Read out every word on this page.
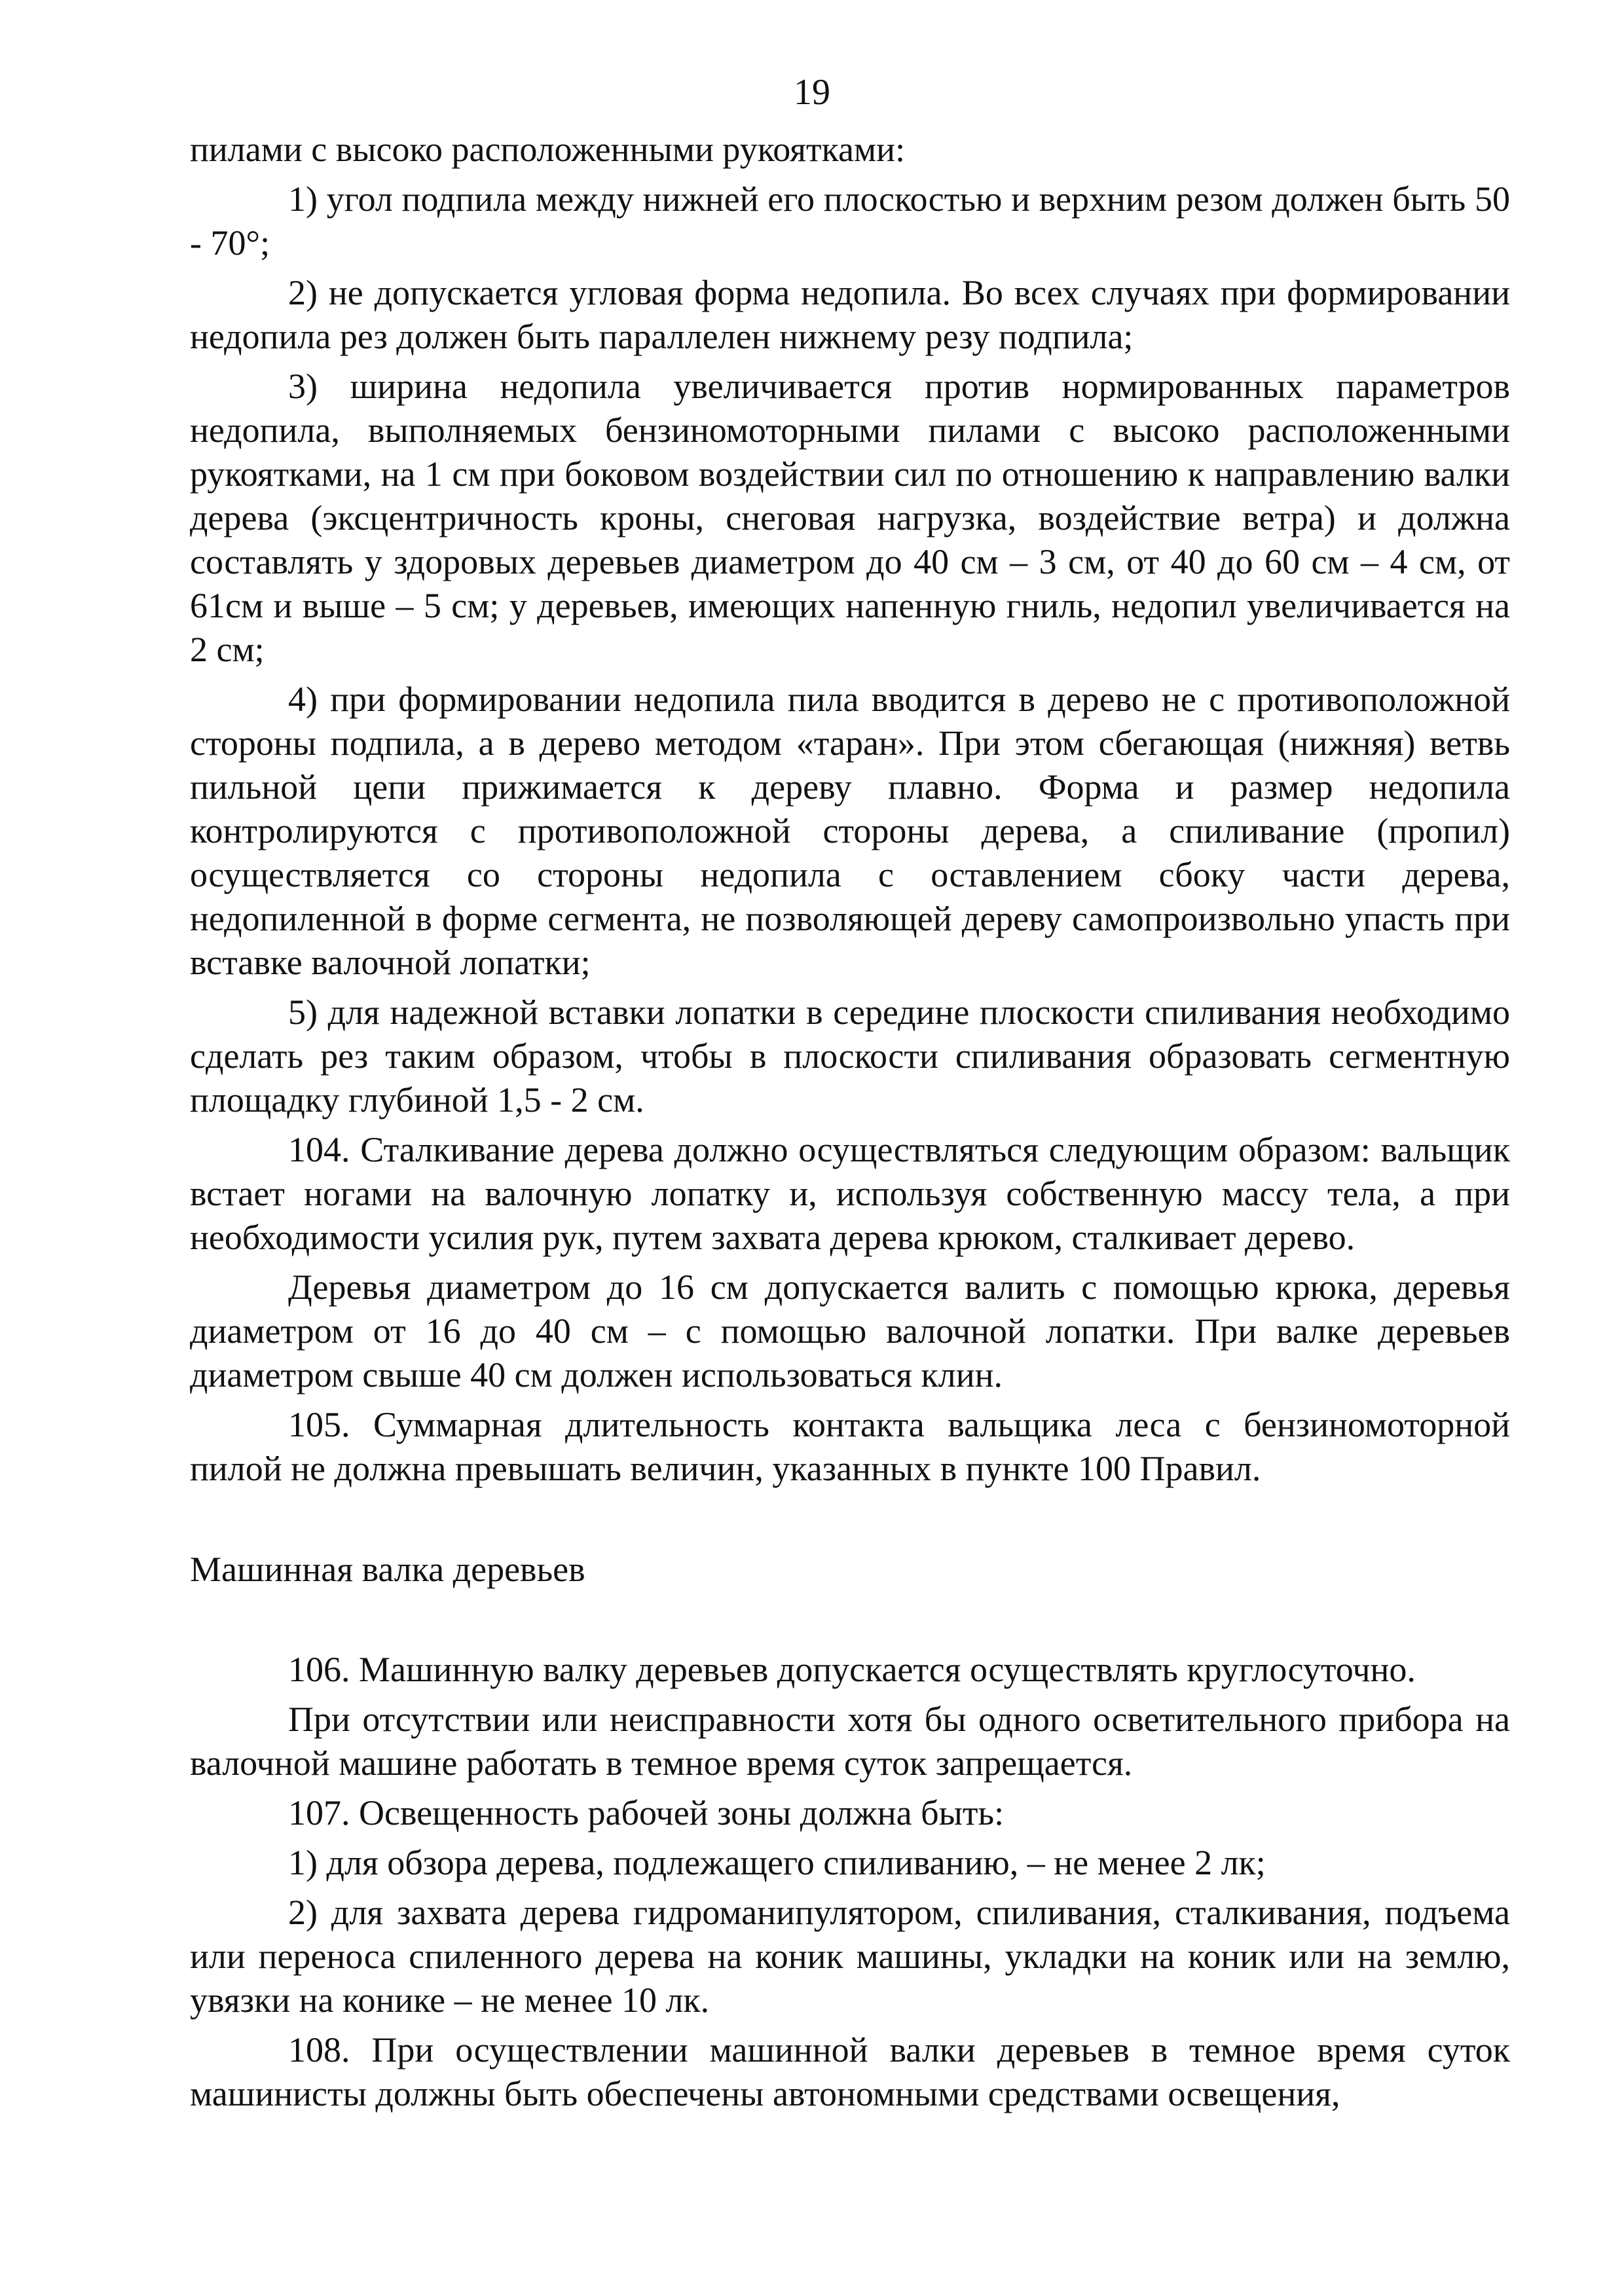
19

пилами с высоко расположенными рукоятками:

1) угол подпила между нижней его плоскостью и верхним резом должен быть 50 - 70°;

2) не допускается угловая форма недопила. Во всех случаях при формировании недопила рез должен быть параллелен нижнему резу подпила;

3) ширина недопила увеличивается против нормированных параметров недопила, выполняемых бензиномоторными пилами с высоко расположенными рукоятками, на 1 см при боковом воздействии сил по отношению к направлению валки дерева (эксцентричность кроны, снеговая нагрузка, воздействие ветра) и должна составлять у здоровых деревьев диаметром до 40 см – 3 см, от 40 до 60 см – 4 см, от 61см и выше – 5 см; у деревьев, имеющих напенную гниль, недопил увеличивается на 2 см;

4) при формировании недопила пила вводится в дерево не с противоположной стороны подпила, а в дерево методом «таран». При этом сбегающая (нижняя) ветвь пильной цепи прижимается к дереву плавно. Форма и размер недопила контролируются с противоположной стороны дерева, а спиливание (пропил) осуществляется со стороны недопила с оставлением сбоку части дерева, недопиленной в форме сегмента, не позволяющей дереву самопроизвольно упасть при вставке валочной лопатки;

5) для надежной вставки лопатки в середине плоскости спиливания необходимо сделать рез таким образом, чтобы в плоскости спиливания образовать сегментную площадку глубиной 1,5 - 2 см.

104. Сталкивание дерева должно осуществляться следующим образом: вальщик встает ногами на валочную лопатку и, используя собственную массу тела, а при необходимости усилия рук, путем захвата дерева крюком, сталкивает дерево.

Деревья диаметром до 16 см допускается валить с помощью крюка, деревья диаметром от 16 до 40 см – с помощью валочной лопатки. При валке деревьев диаметром свыше 40 см должен использоваться клин.

105. Суммарная длительность контакта вальщика леса с бензиномоторной пилой не должна превышать величин, указанных в пункте 100 Правил.

Машинная валка деревьев

106. Машинную валку деревьев допускается осуществлять круглосуточно.

При отсутствии или неисправности хотя бы одного осветительного прибора на валочной машине работать в темное время суток запрещается.

107. Освещенность рабочей зоны должна быть:

1) для обзора дерева, подлежащего спиливанию, – не менее 2 лк;

2) для захвата дерева гидроманипулятором, спиливания, сталкивания, подъема или переноса спиленного дерева на коник машины, укладки на коник или на землю, увязки на конике – не менее 10 лк.

108. При осуществлении машинной валки деревьев в темное время суток машинисты должны быть обеспечены автономными средствами освещения,
